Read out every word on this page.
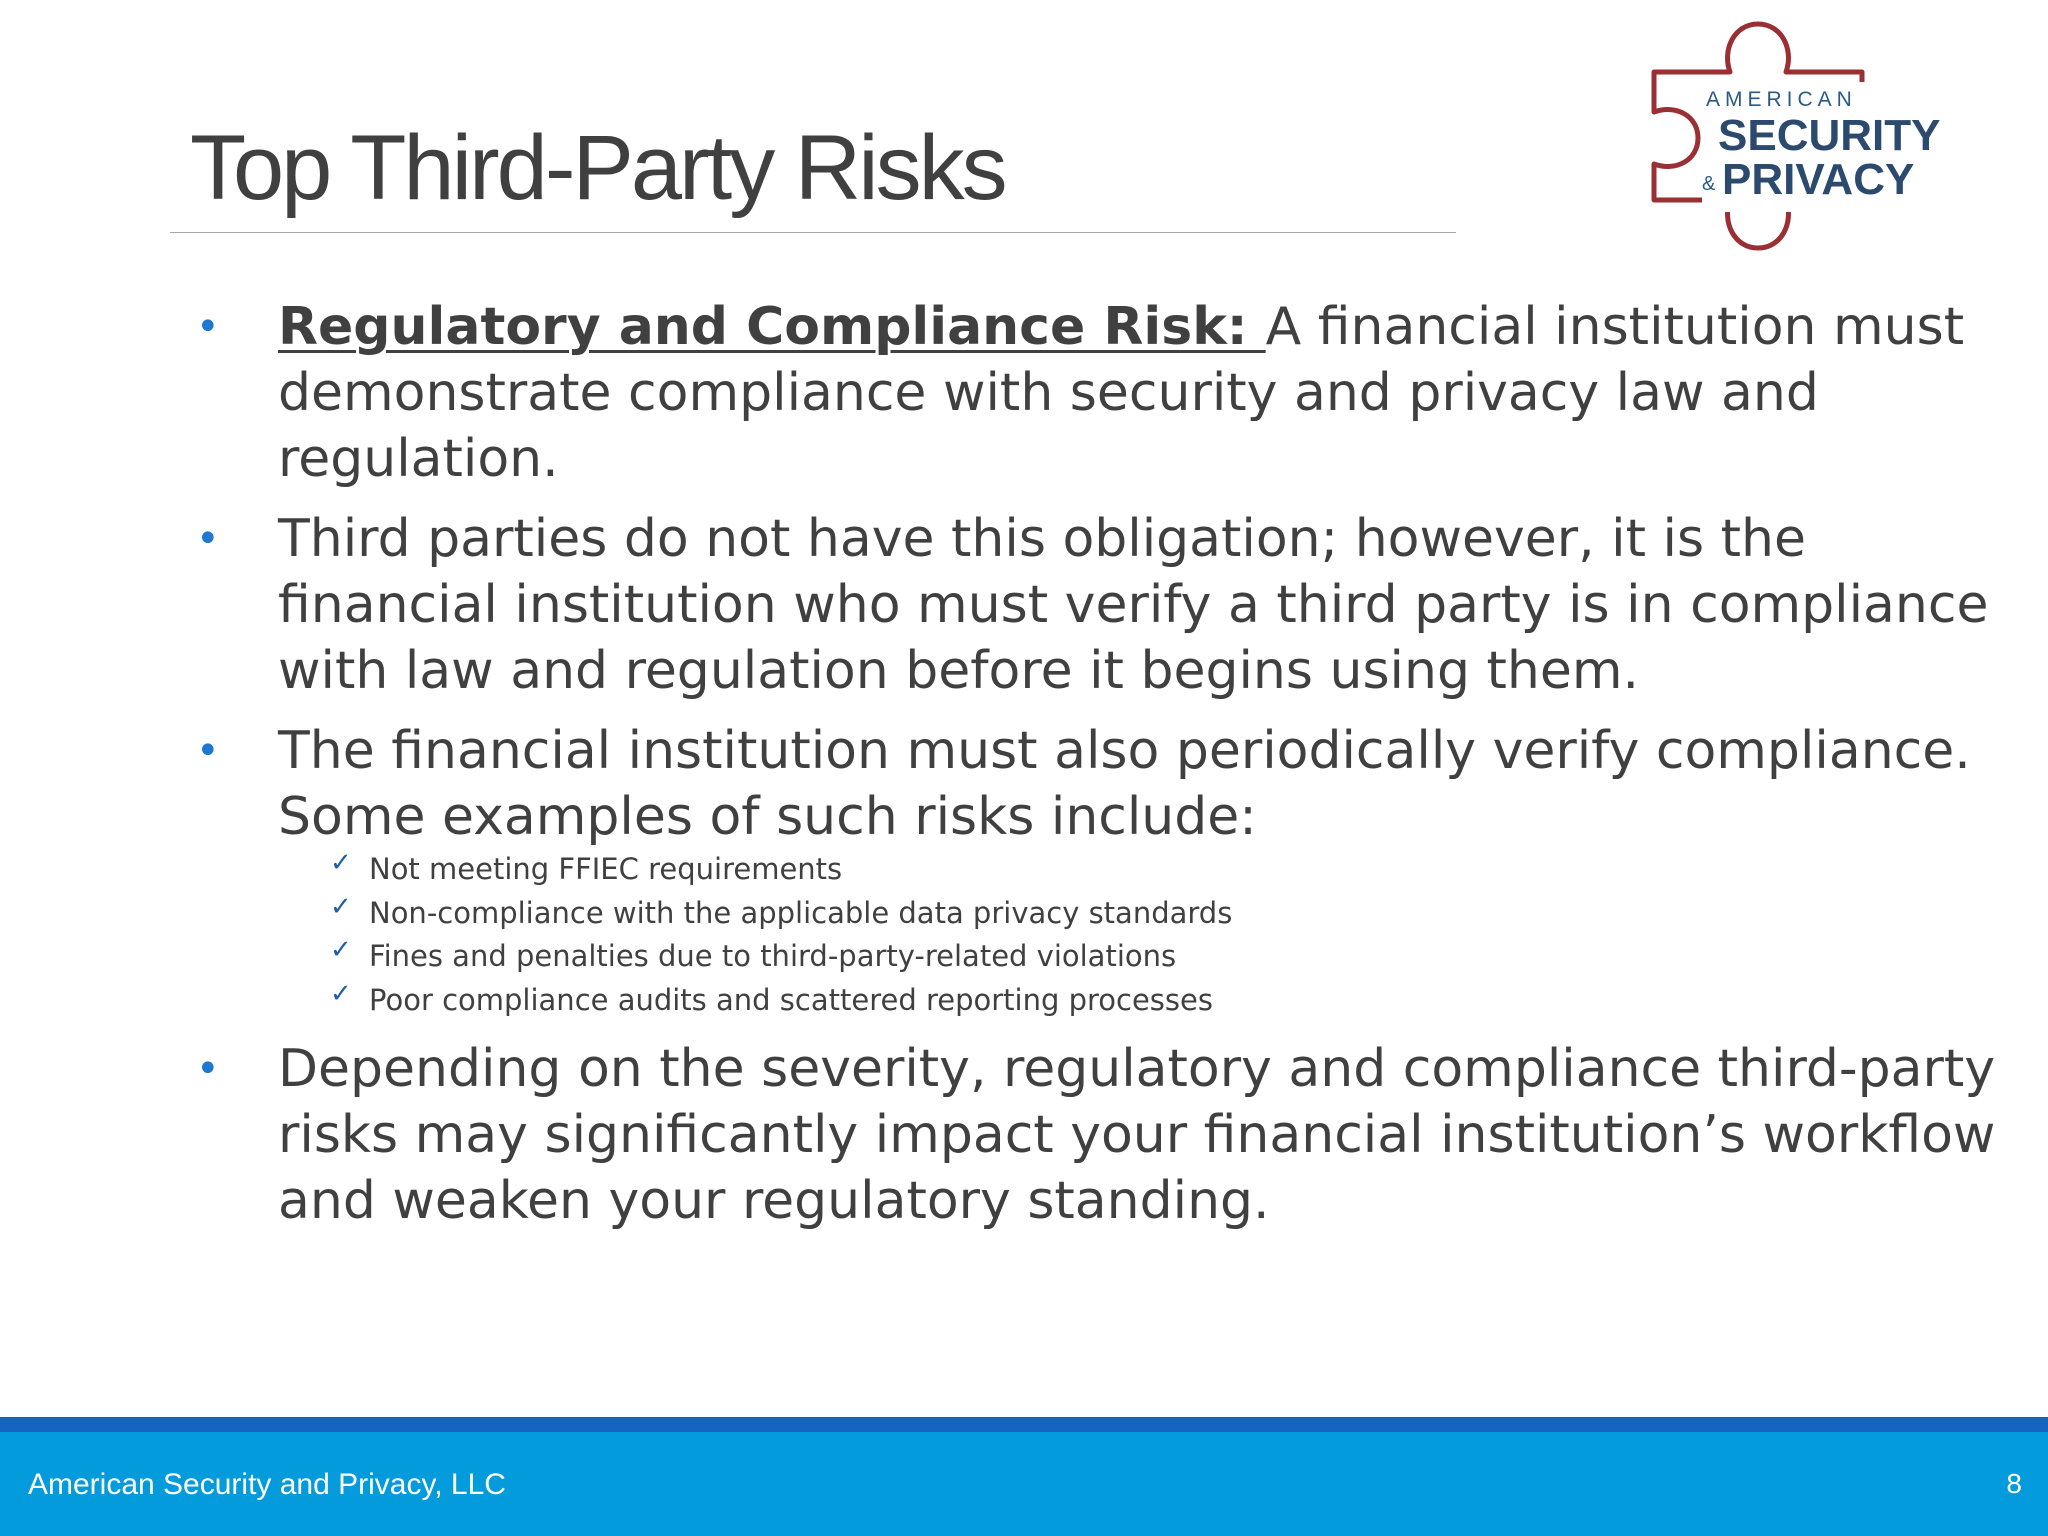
Top Third-Party Risks
AMERICAN
SECURITY
& PRIVACY
• Regulatory and Compliance Risk: A financial institution must demonstrate compliance with security and privacy law and regulation.
• Third parties do not have this obligation; however, it is the financial institution who must verify a third party is in compliance with law and regulation before it begins using them.
• The financial institution must also periodically verify compliance. Some examples of such risks include:
✓ Not meeting FFIEC requirements
✓ Non-compliance with the applicable data privacy standards
✓ Fines and penalties due to third-party-related violations
✓ Poor compliance audits and scattered reporting processes
• Depending on the severity, regulatory and compliance third-party risks may significantly impact your financial institution’s workflow and weaken your regulatory standing.
American Security and Privacy, LLC	8
